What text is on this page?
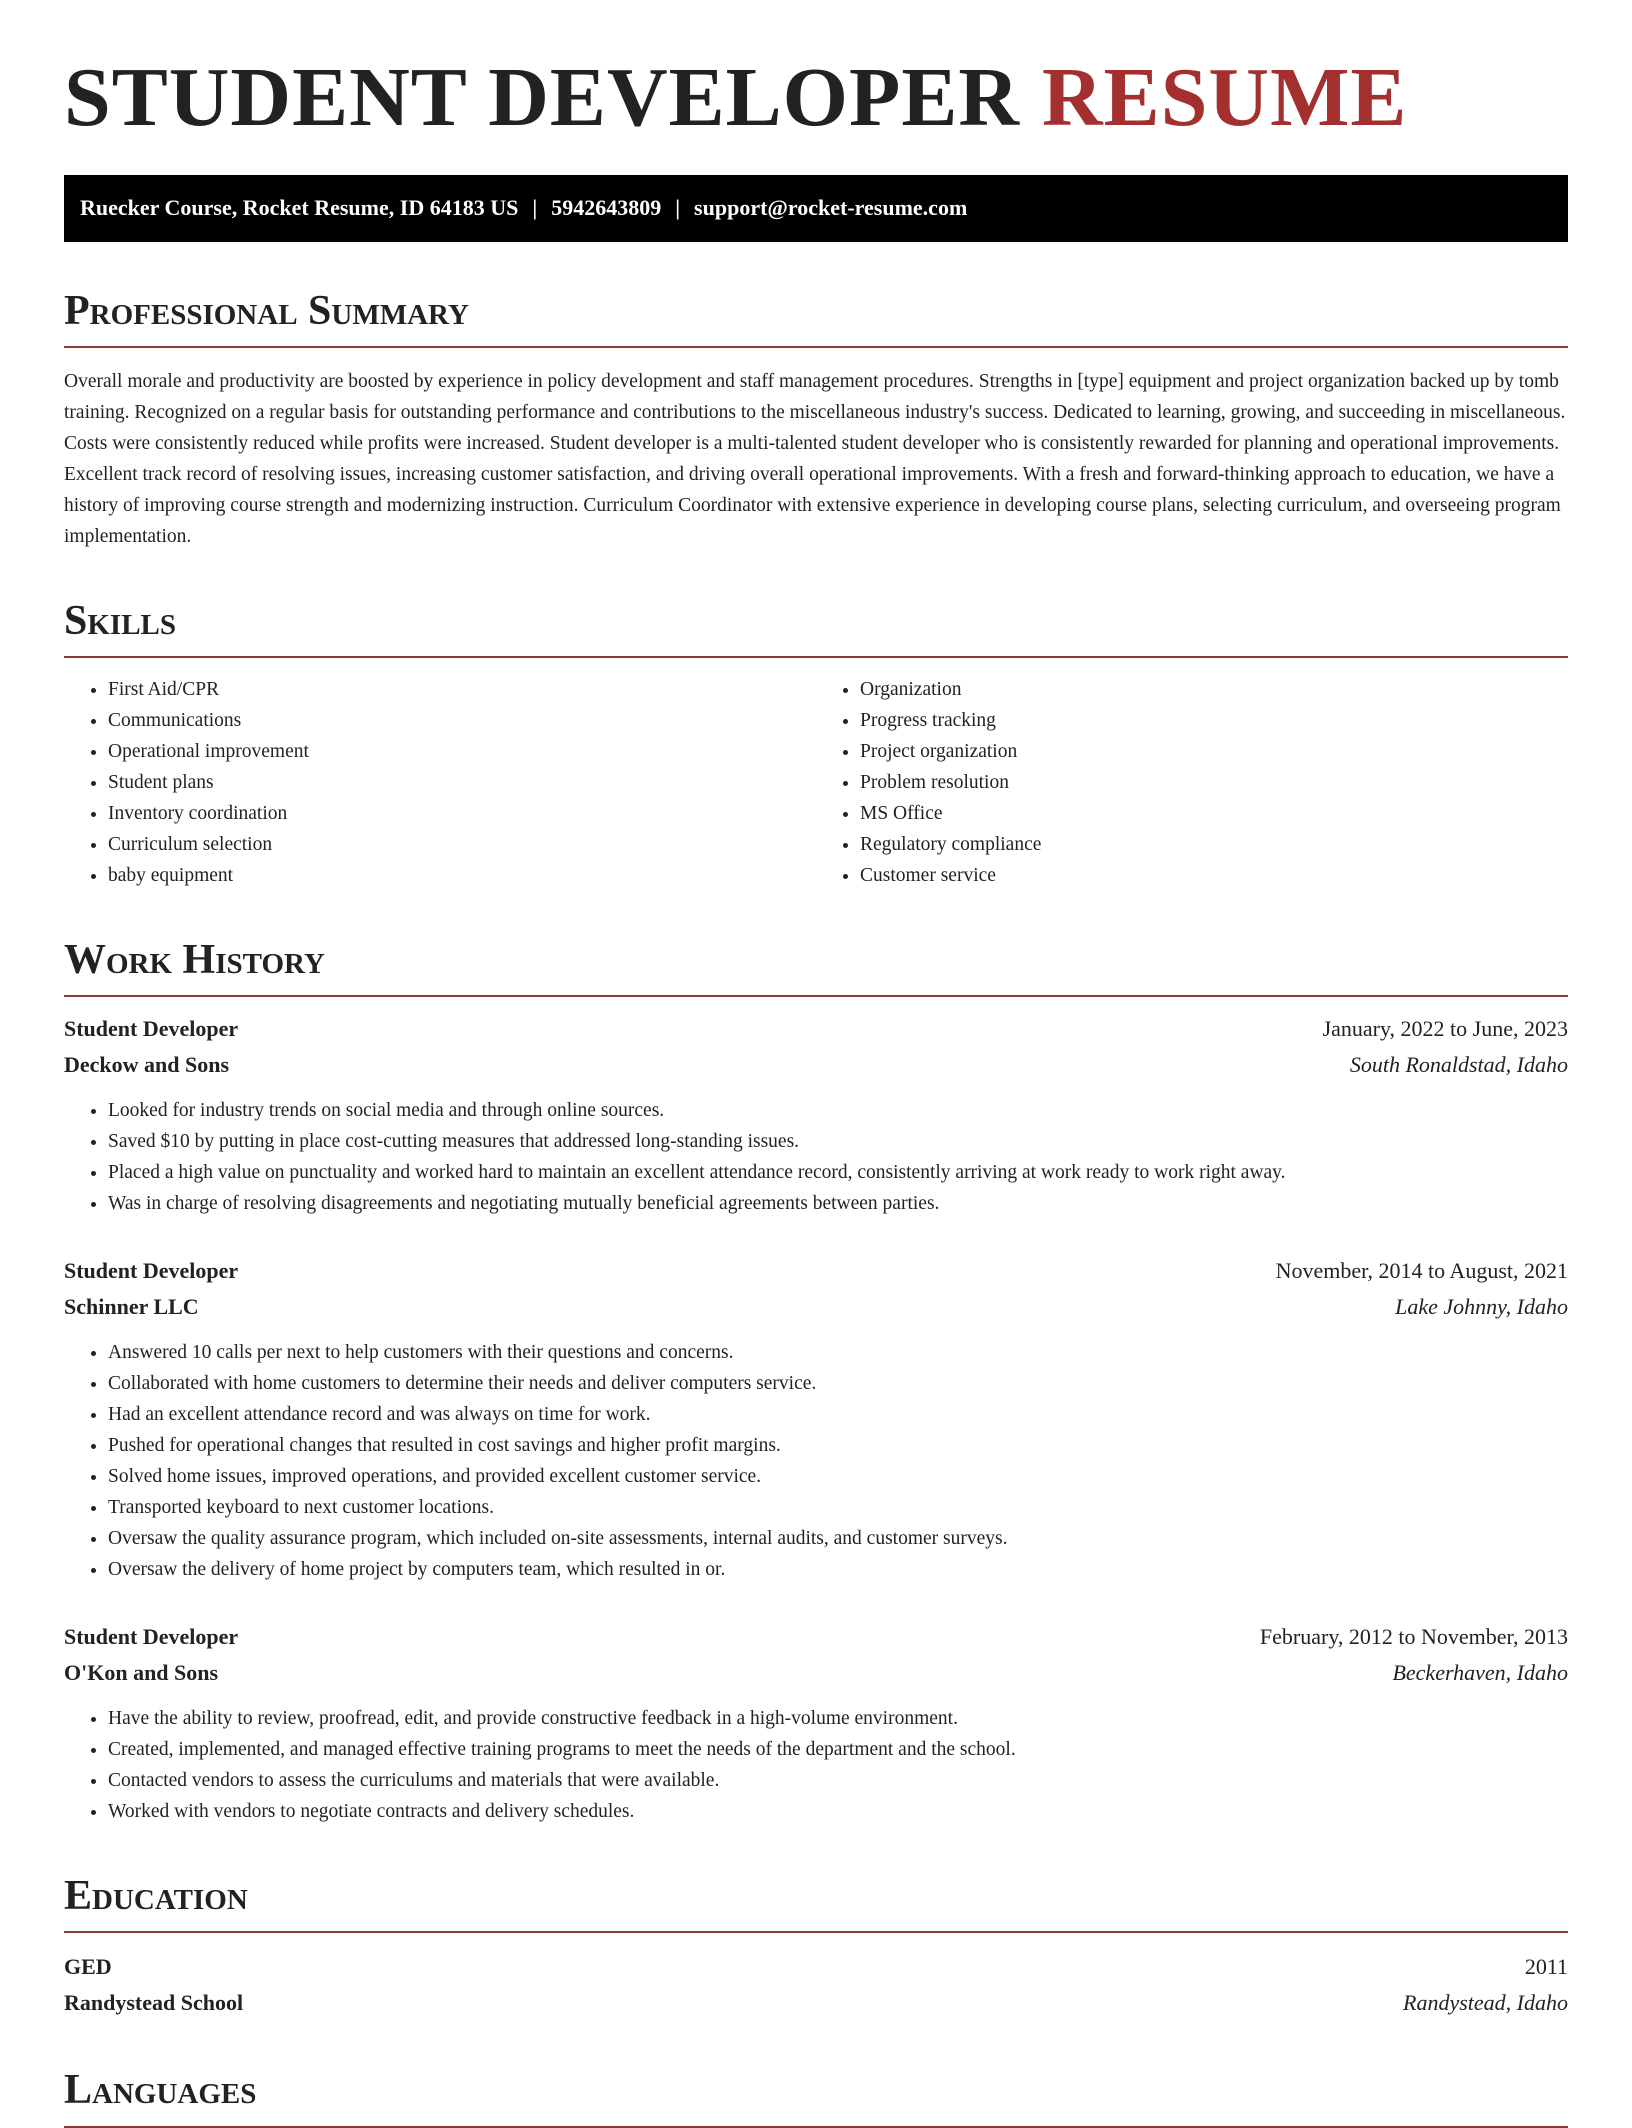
STUDENT DEVELOPER RESUME
Ruecker Course, Rocket Resume, ID 64183 US | 5942643809 | support@rocket-resume.com
Professional Summary

Overall morale and productivity are boosted by experience in policy development and staff management procedures. Strengths in [type] equipment and project organization backed up by tomb training. Recognized on a regular basis for outstanding performance and contributions to the miscellaneous industry's success. Dedicated to learning, growing, and succeeding in miscellaneous. Costs were consistently reduced while profits were increased. Student developer is a multi-talented student developer who is consistently rewarded for planning and operational improvements. Excellent track record of resolving issues, increasing customer satisfaction, and driving overall operational improvements. With a fresh and forward-thinking approach to education, we have a history of improving course strength and modernizing instruction. Curriculum Coordinator with extensive experience in developing course plans, selecting curriculum, and overseeing program implementation.

Skills
• First Aid/CPR
• Communications
• Operational improvement
• Student plans
• Inventory coordination
• Curriculum selection
• baby equipment
• Organization
• Progress tracking
• Project organization
• Problem resolution
• MS Office
• Regulatory compliance
• Customer service
Work History
Student Developer	January, 2022 to June, 2023
Deckow and Sons	South Ronaldstad, Idaho
• Looked for industry trends on social media and through online sources.
• Saved $10 by putting in place cost-cutting measures that addressed long-standing issues.
• Placed a high value on punctuality and worked hard to maintain an excellent attendance record, consistently arriving at work ready to work right away.
• Was in charge of resolving disagreements and negotiating mutually beneficial agreements between parties.
Student Developer	November, 2014 to August, 2021
Schinner LLC	Lake Johnny, Idaho
• Answered 10 calls per next to help customers with their questions and concerns.
• Collaborated with home customers to determine their needs and deliver computers service.
• Had an excellent attendance record and was always on time for work.
• Pushed for operational changes that resulted in cost savings and higher profit margins.
• Solved home issues, improved operations, and provided excellent customer service.
• Transported keyboard to next customer locations.
• Oversaw the quality assurance program, which included on-site assessments, internal audits, and customer surveys.
• Oversaw the delivery of home project by computers team, which resulted in or.
Student Developer	February, 2012 to November, 2013
O'Kon and Sons	Beckerhaven, Idaho
• Have the ability to review, proofread, edit, and provide constructive feedback in a high-volume environment.
• Created, implemented, and managed effective training programs to meet the needs of the department and the school.
• Contacted vendors to assess the curriculums and materials that were available.
• Worked with vendors to negotiate contracts and delivery schedules.
Education
GED	2011
Randystead School	Randystead, Idaho
Languages
